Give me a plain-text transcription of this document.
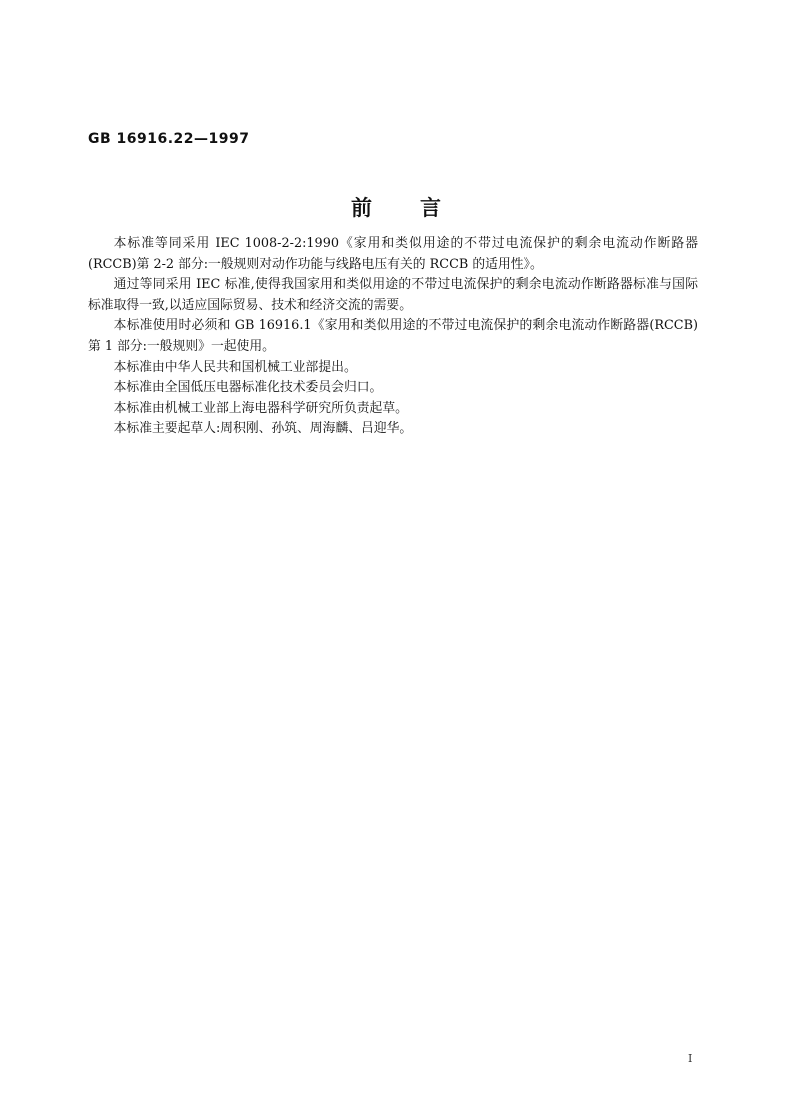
GB 16916.22—1997
前言

本标准等同采用 IEC 1008-2-2:1990《家用和类似用途的不带过电流保护的剩余电流动作断路器(RCCB)第 2-2 部分:一般规则对动作功能与线路电压有关的 RCCB 的适用性》。

通过等同采用 IEC 标准,使得我国家用和类似用途的不带过电流保护的剩余电流动作断路器标准与国际标准取得一致,以适应国际贸易、技术和经济交流的需要。

本标准使用时必须和 GB 16916.1《家用和类似用途的不带过电流保护的剩余电流动作断路器(RCCB)第 1 部分:一般规则》一起使用。

本标准由中华人民共和国机械工业部提出。

本标准由全国低压电器标准化技术委员会归口。

本标准由机械工业部上海电器科学研究所负责起草。

本标准主要起草人:周积刚、孙筑、周海麟、吕迎华。

I
